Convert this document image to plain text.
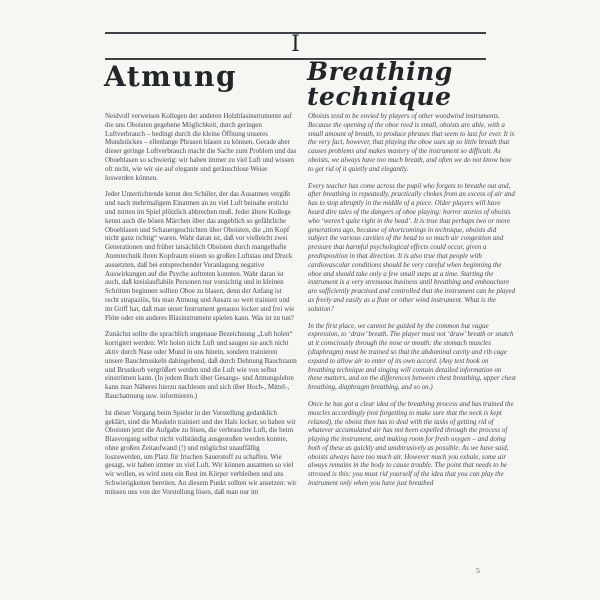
I
Atmung	Breathing technique

Neidvoll verweisen Kollegen der anderen Holzblasinstrumente auf die uns Oboisten gegebene Möglichkeit, durch geringen Luftverbrauch – bedingt durch die kleine Öffnung unseres Mundstückes – ellenlange Phrasen blasen zu können. Gerade aber dieser geringe Luftverbrauch macht die Sache zum Problem und das Oboeblasen so schwierig: wir haben immer zu viel Luft und wissen oft nicht, wie wir sie auf elegante und geräuschlose Weise loswerden können.

Jeder Unterrichtende kennt den Schüler, der das Ausatmen vergißt und nach mehrmaligem Einatmen an zu viel Luft beinahe erstickt und mitten im Spiel plötzlich abbrechen muß. Jeder ältere Kollege kennt auch die bösen Märchen über das angeblich so gefährliche Oboeblasen und Schauergeschichten über Oboisten, die „im Kopf nicht ganz richtig“ waren. Wahr daran ist, daß vor vielleicht zwei Generationen und früher tatsächlich Oboisten durch mangelhafte Atemtechnik ihren Kopfraum einem so großen Luftstau und Druck aussetzten, daß bei entsprechender Veranlagung negative Auswirkungen auf die Psyche auftreten konnten. Wahr daran ist auch, daß kreislauflabile Personen nur vorsichtig und in kleinen Schritten beginnen sollten Oboe zu blasen, denn der Anfang ist recht strapaziös, bis man Atmung und Ansatz so weit trainiert und im Griff hat, daß man unser Instrument genauso locker und frei wie Flöte oder ein anderes Blasinstrument spielen kann. Was ist zu tun?

Zunächst sollte die sprachlich ungenaue Bezeichnung „Luft holen“ korrigiert werden: Wir holen nicht Luft und saugen sie auch nicht aktiv durch Nase oder Mund in uns hinein, sondern trainieren unsere Bauchmuskeln dahingehend, daß durch Dehnung Bauchraum und Brustkorb vergrößert werden und die Luft wie von selbst einströmen kann. (In jedem Buch über Gesangs- und Atmungslehre kann man Näheres hierzu nachlesen und sich über Hoch-, Mittel-, Bauchatmung usw. informieren.)

Ist dieser Vorgang beim Spieler in der Vorstellung gedanklich geklärt, sind die Muskeln trainiert und der Hals locker, so haben wir Oboisten jetzt die Aufgabe zu lösen, die verbrauchte Luft, die beim Blasvorgang selbst nicht vollständig ausgestoßen werden konnte, ohne großen Zeitaufwand (!) und möglichst unauffällig loszuwerden, um Platz für frischen Sauerstoff zu schaffen. Wie gesagt, wir haben immer zu viel Luft. Wir können ausatmen so viel wir wollen, es wird stets ein Rest im Körper verbleiben und uns Schwierigkeiten bereiten. An diesem Punkt sollten wir ansetzen: wir müssen uns von der Vorstellung lösen, daß man nur im

Oboists tend to be envied by players of other woodwind instruments. Because the opening of the oboe reed is small, oboists are able, with a small amount of breath, to produce phrases that seem to last for ever. It is the very fact, however, that playing the oboe uses up so little breath that causes problems and makes mastery of the instrument so difficult. As oboists, we always have too much breath, and often we do not know how to get rid of it quietly and elegantly.

Every teacher has come across the pupil who forgets to breathe out and, after breathing in repeatedly, practically chokes from an excess of air and has to stop abruptly in the middle of a piece. Older players will have heard dire tales of the dangers of oboe playing: horror stories of oboists who ‘weren’t quite right in the head’. It is true that perhaps two or more generations ago, because of shortcomings in technique, oboists did subject the various cavities of the head to so much air congestion and pressure that harmful psychological effects could occur, given a predisposition in that direction. It is also true that people with cardiovascular conditions should be very careful when beginning the oboe and should take only a few small steps at a time. Starting the instrument is a very strenuous business until breathing and embouchure are sufficiently practised and controlled that the instrument can be played as freely and easily as a flute or other wind instrument. What is the solution?

In the first place, we cannot be guided by the common but vague expression, to ‘draw’ breath. The player must not ‘draw’ breath or snatch at it consciously through the nose or mouth: the stomach muscles (diaphragm) must be trained so that the abdominal cavity and rib cage expand to allow air to enter of its own accord. (Any text book on breathing technique and singing will contain detailed information on these matters, and on the differences between chest breathing, upper chest breathing, diaphragm breathing, and so on.)

Once he has got a clear idea of the breathing process and has trained the muscles accordingly (not forgetting to make sure that the neck is kept relaxed), the oboist then has to deal with the tasks of getting rid of whatever accumulated air has not been expelled through the process of playing the instrument, and making room for fresh oxygen – and doing both of these as quickly and unobtrusively as possible. As we have said, oboists always have too much air. However much you exhale, some air always remains in the body to cause trouble. The point that needs to be stressed is this: you must rid yourself of the idea that you can play the instrument only when you have just breathed

5
